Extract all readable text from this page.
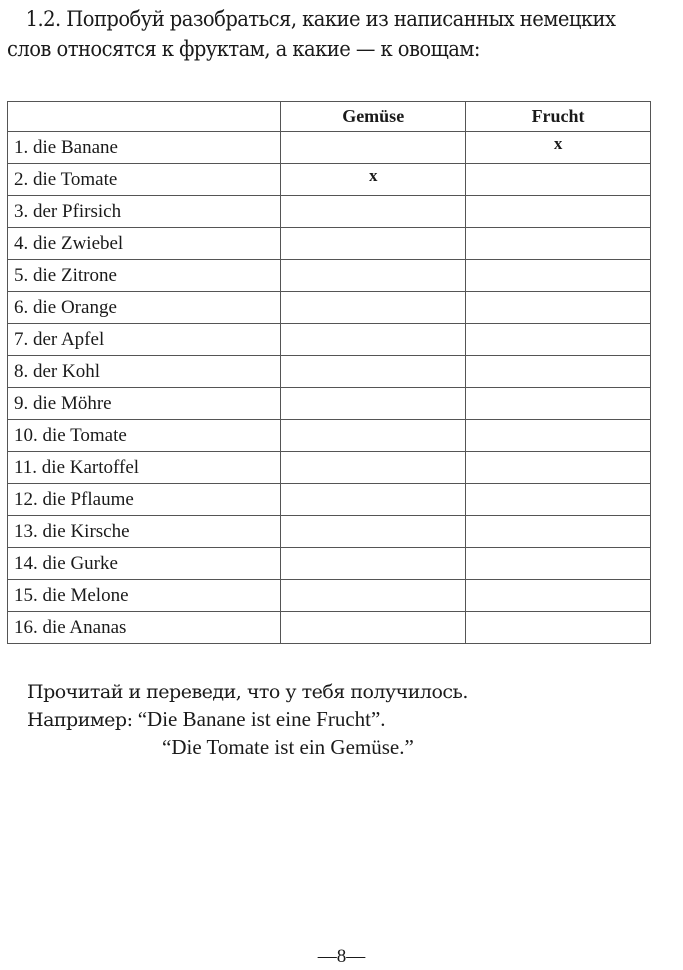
1.2. Попробуй разобраться, какие из написанных немецких
слов относятся к фруктам, а какие — к овощам:
	Gemüse	Frucht
1. die Banane		x
2. die Tomate	x	
3. der Pfirsich		
4. die Zwiebel		
5. die Zitrone		
6. die Orange		
7. der Apfel		
8. der Kohl		
9. die Möhre		
10. die Tomate		
11. die Kartoffel		
12. die Pflaume		
13. die Kirsche		
14. die Gurke		
15. die Melone		
16. die Ananas		
Прочитай и переведи, что у тебя получилось.
Например: “Die Banane ist eine Frucht”.
“Die Tomate ist ein Gemüse.”
—8—
